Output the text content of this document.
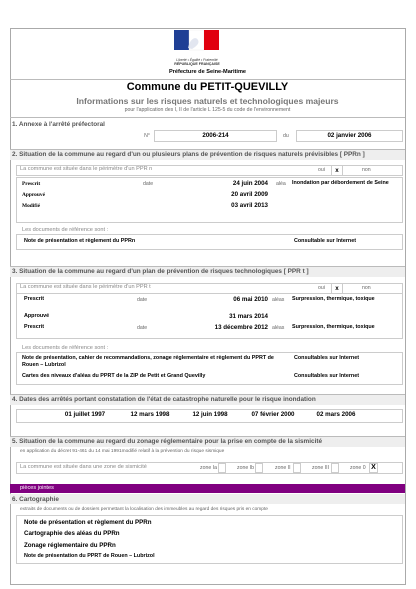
Liberté • Égalité • Fraternité
RÉPUBLIQUE FRANÇAISE
Préfecture de Seine-Maritime
Commune du PETIT-QUEVILLY
Informations sur les risques naturels et technologiques majeurs
pour l'application des I, II de l'article L 125-5 du code de l'environnement
1. Annexe à l'arrêté préfectoral
N°	2006-214	du	02 janvier 2006
2. Situation de la commune au regard d'un ou plusieurs plans de prévention de risques naturels prévisibles [ PPRn ]
La commune est située dans le périmètre d'un PPR n	oui	x	non
Prescrit	date	24 juin 2004
Approuvé	20 avril 2009
Modifié	03 avril 2013
aléa Inondation par débordement de Seine
Les documents de référence sont :
Note de présentation et règlement du PPRn	Consultable sur Internet
3. Situation de la commune au regard d'un plan de prévention de risques technologiques [ PPR t ]
La commune est située dans le périmètre d'un PPR t	oui	x	non
Prescrit	date	06 mai 2010 aléas Surpression, thermique, toxique
Approuvé	31 mars 2014
Prescrit	date	13 décembre 2012 aléas Surpression, thermique, toxique
Les documents de référence sont :
Note de présentation, cahier de recommandations, zonage réglementaire et règlement du PPRT de Rouen – Lubrizol
Consultables sur Internet
Cartes des niveaux d'aléas du PPRT de la ZIP de Petit et Grand Quevilly	Consultables sur Internet
4. Dates des arrêtés portant constatation de l'état de catastrophe naturelle pour le risque inondation
01 juillet 1997	12 mars 1998	12 juin 1998	07 février 2000	02 mars 2006
5. Situation de la commune au regard du zonage réglementaire pour la prise en compte de la sismicité
en application du décret 91-461 du 14 mai 1991modifié relatif à la prévention du risque sismique
La commune est située dans une zone de sismicité	zone Ia	zone Ib	zone II	zone III	zone 0 X
pièces jointes
6. Cartographie
extraits de documents ou de dossiers permettant la localisation des immeubles au regard des risques pris en compte
Note de présentation et règlement du PPRn
Cartographie des aléas du PPRn
Zonage réglementaire du PPRn
Note de présentation du PPRT de Rouen – Lubrizol
